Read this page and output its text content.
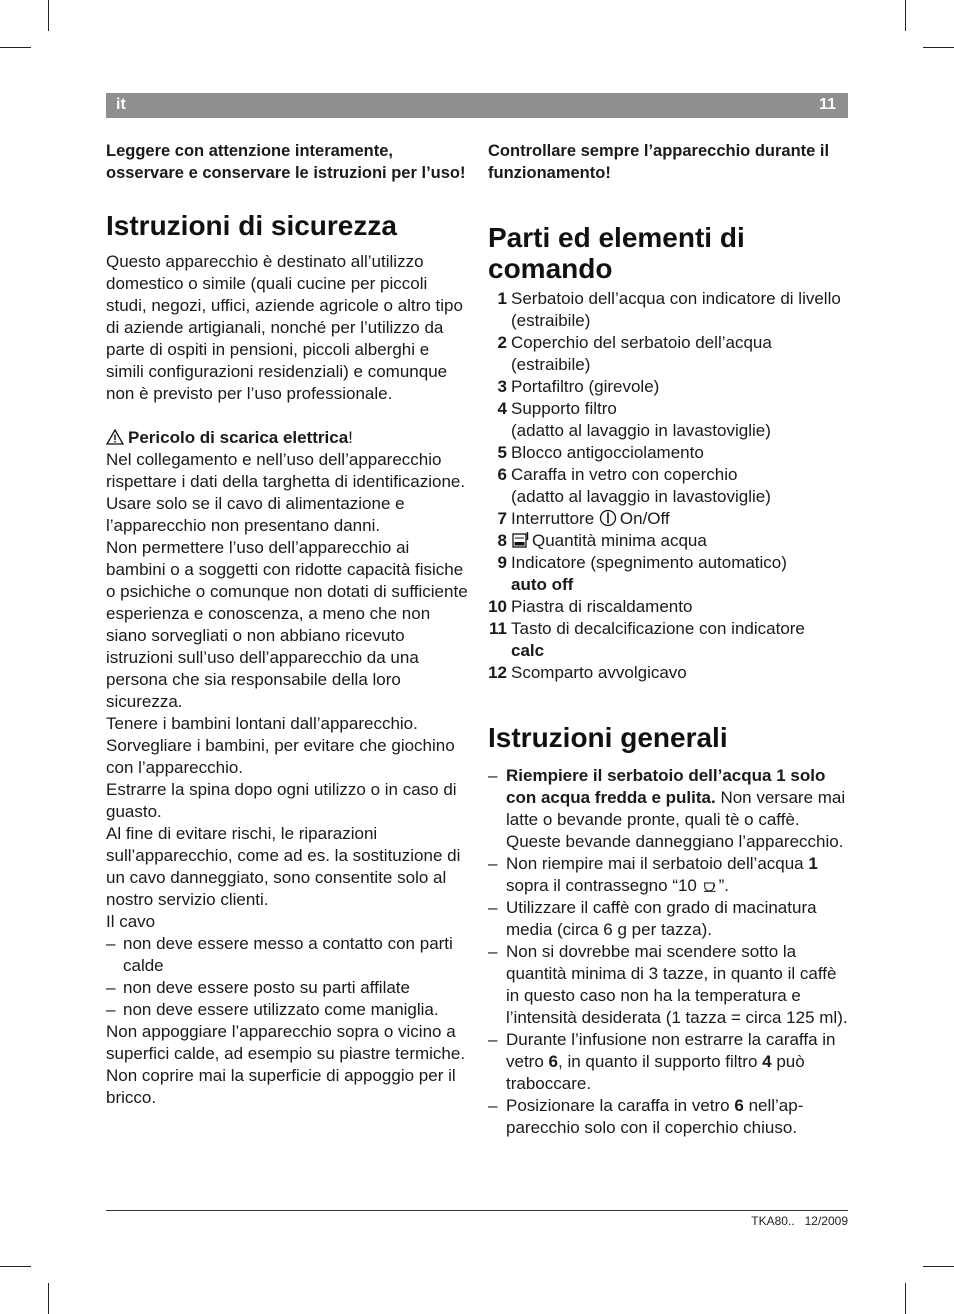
it	11

Leggere con attenzione interamente, osservare e conservare le istruzioni per l’uso!

Istruzioni di sicurezza

Questo apparecchio è destinato all’utilizzo domestico o simile (quali cucine per piccoli studi, negozi, uffici, aziende agricole o altro tipo di aziende artigianali, nonché per l’utilizzo da parte di ospiti in pensioni, piccoli alberghi e simili configurazioni residenziali) e comunque non è previsto per l’uso professionale.

Pericolo di scarica elettrica!

Nel collegamento e nell’uso dell’apparecchio rispettare i dati della targhetta di identificazione.

Usare solo se il cavo di alimentazione e l’apparecchio non presentano danni.

Non permettere l’uso dell’apparecchio ai bambini o a soggetti con ridotte capacità fisiche o psichiche o comunque non dotati di sufficiente esperienza e conoscenza, a meno che non siano sorvegliati o non abbiano ricevuto istruzioni sull’uso dell’apparecchio da una persona che sia responsabile della loro sicurezza.

Tenere i bambini lontani dall’apparecchio.

Sorvegliare i bambini, per evitare che giochino con l’apparecchio.

Estrarre la spina dopo ogni utilizzo o in caso di guasto.

Al fine di evitare rischi, le riparazioni sull’apparecchio, come ad es. la sostituzione di un cavo danneggiato, sono consentite solo al nostro servizio clienti.

Il cavo

– non deve essere messo a contatto con parti calde
– non deve essere posto su parti affilate
– non deve essere utilizzato come maniglia.

Non appoggiare l’apparecchio sopra o vicino a superfici calde, ad esempio su piastre termiche.

Non coprire mai la superficie di appoggio per il bricco.

Controllare sempre l’apparecchio durante il funzionamento!

Parti ed elementi di comando
1 Serbatoio dell’acqua con indicatore di livello (estraibile)
2 Coperchio del serbatoio dell’acqua (estraibile)
3 Portafiltro (girevole)
4 Supporto filtro
(adatto al lavaggio in lavastoviglie)
5 Blocco antigocciolamento
6 Caraffa in vetro con coperchio
(adatto al lavaggio in lavastoviglie)
7 Interruttore On/Off
8 Quantità minima acqua
9 Indicatore (spegnimento automatico)
auto off
10 Piastra di riscaldamento
11 Tasto di decalcificazione con indicatore
calc
12 Scomparto avvolgicavo
Istruzioni generali
– Riempiere il serbatoio dell’acqua 1 solo con acqua fredda e pulita. Non versare mai latte o bevande pronte, quali tè o caffè. Queste bevande danneggiano l’apparecchio.
– Non riempire mai il serbatoio dell’acqua 1 sopra il contrassegno “10 ”.
– Utilizzare il caffè con grado di macinatura media (circa 6 g per tazza).
– Non si dovrebbe mai scendere sotto la quantità minima di 3 tazze, in quanto il caffè in questo caso non ha la temperatura e l’intensità desiderata (1 tazza = circa 125 ml).
– Durante l’infusione non estrarre la caraffa in vetro 6, in quanto il supporto filtro 4 può traboccare.
– Posizionare la caraffa in vetro 6 nell’ap-parecchio solo con il coperchio chiuso.
TKA80.. 12/2009
